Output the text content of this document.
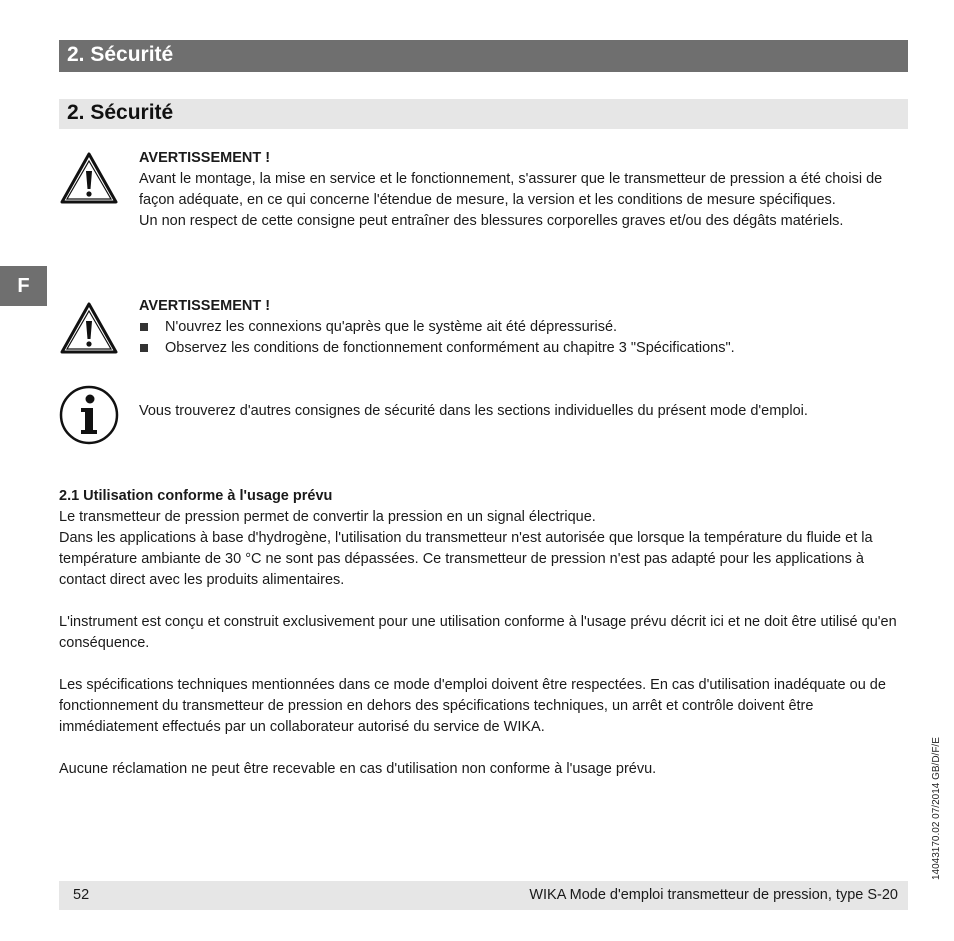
2. Sécurité
2. Sécurité
F
AVERTISSEMENT !
Avant le montage, la mise en service et le fonctionnement, s'assurer que le transmetteur de pression a été choisi de façon adéquate, en ce qui concerne l'étendue de mesure, la version et les conditions de mesure spécifiques.
Un non respect de cette consigne peut entraîner des blessures corporelles graves et/ou des dégâts matériels.
AVERTISSEMENT !
N'ouvrez les connexions qu'après que le système ait été dépressurisé.
Observez les conditions de fonctionnement conformément au chapitre 3 "Spécifications".
Vous trouverez d'autres consignes de sécurité dans les sections individuelles du présent mode d'emploi.

2.1 Utilisation conforme à l'usage prévu

Le transmetteur de pression permet de convertir la pression en un signal électrique.

Dans les applications à base d'hydrogène, l'utilisation du transmetteur n'est autorisée que lorsque la température du fluide et la température ambiante de 30 °C ne sont pas dépassées. Ce transmetteur de pression n'est pas adapté pour les applications à contact direct avec les produits alimentaires.

L'instrument est conçu et construit exclusivement pour une utilisation conforme à l'usage prévu décrit ici et ne doit être utilisé qu'en conséquence.

Les spécifications techniques mentionnées dans ce mode d'emploi doivent être respectées. En cas d'utilisation inadéquate ou de fonctionnement du transmetteur de pression en dehors des spécifications techniques, un arrêt et contrôle doivent être immédiatement effectués par un collaborateur autorisé du service de WIKA.

Aucune réclamation ne peut être recevable en cas d'utilisation non conforme à l'usage prévu.

52	WIKA Mode d'emploi transmetteur de pression, type S-20
14043170.02 07/2014 GB/D/F/E
